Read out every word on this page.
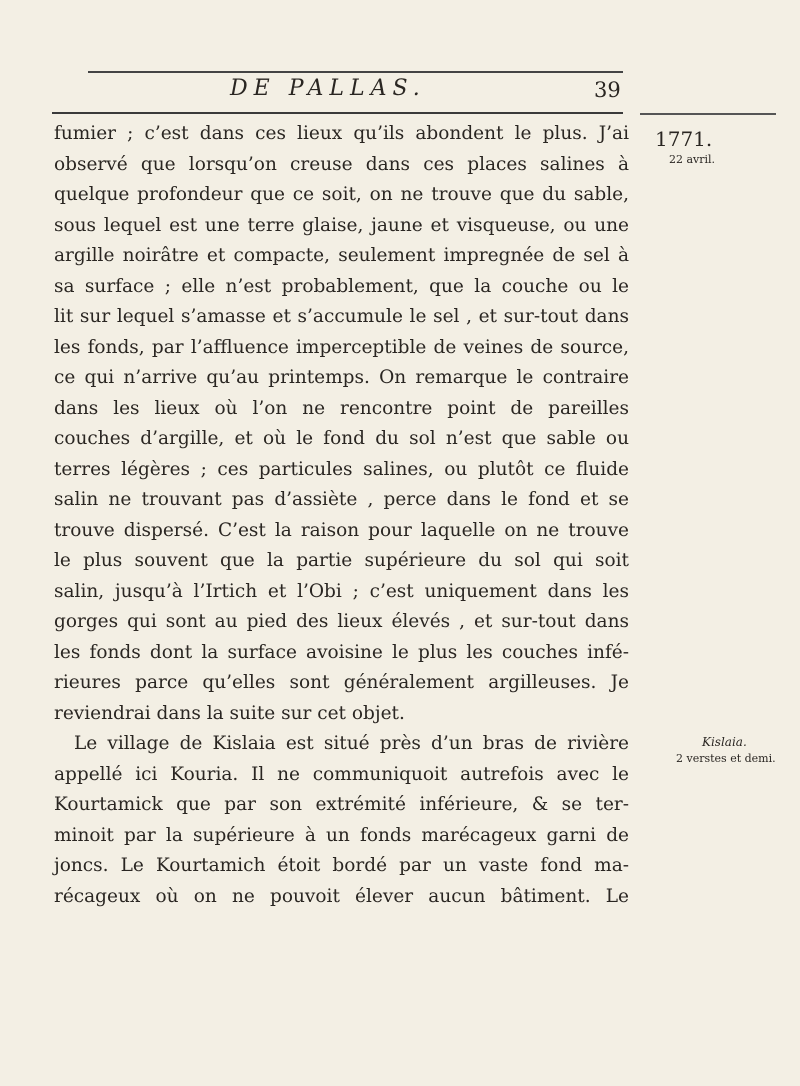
DE PALLAS.	39
1771.
22 avril.
Kislaia.
2 verstes et demi.
fumier ; c’est dans ces lieux qu’ils abondent le plus. J’ai
observé que lorsqu’on creuse dans ces places salines à
quelque profondeur que ce soit, on ne trouve que du sable,
sous lequel est une terre glaise, jaune et visqueuse, ou une
argille noirâtre et compacte, seulement impregnée de sel à
sa surface ; elle n’est probablement, que la couche ou le
lit sur lequel s’amasse et s’accumule le sel , et sur-tout dans
les fonds, par l’affluence imperceptible de veines de source,
ce qui n’arrive qu’au printemps. On remarque le contraire
dans les lieux où l’on ne rencontre point de pareilles
couches d’argille, et où le fond du sol n’est que sable ou
terres légères ; ces particules salines, ou plutôt ce fluide
salin ne trouvant pas d’assiète , perce dans le fond et se
trouve dispersé. C’est la raison pour laquelle on ne trouve
le plus souvent que la partie supérieure du sol qui soit
salin, jusqu’à l’Irtich et l’Obi ; c’est uniquement dans les
gorges qui sont au pied des lieux élevés , et sur-tout dans
les fonds dont la surface avoisine le plus les couches infé-
rieures parce qu’elles sont généralement argilleuses. Je
reviendrai dans la suite sur cet objet.
Le village de Kislaia est situé près d’un bras de rivière
appellé ici Kouria. Il ne communiquoit autrefois avec le
Kourtamick que par son extrémité inférieure, & se ter-
minoit par la supérieure à un fonds marécageux garni de
joncs. Le Kourtamich étoit bordé par un vaste fond ma-
récageux où on ne pouvoit élever aucun bâtiment. Le
